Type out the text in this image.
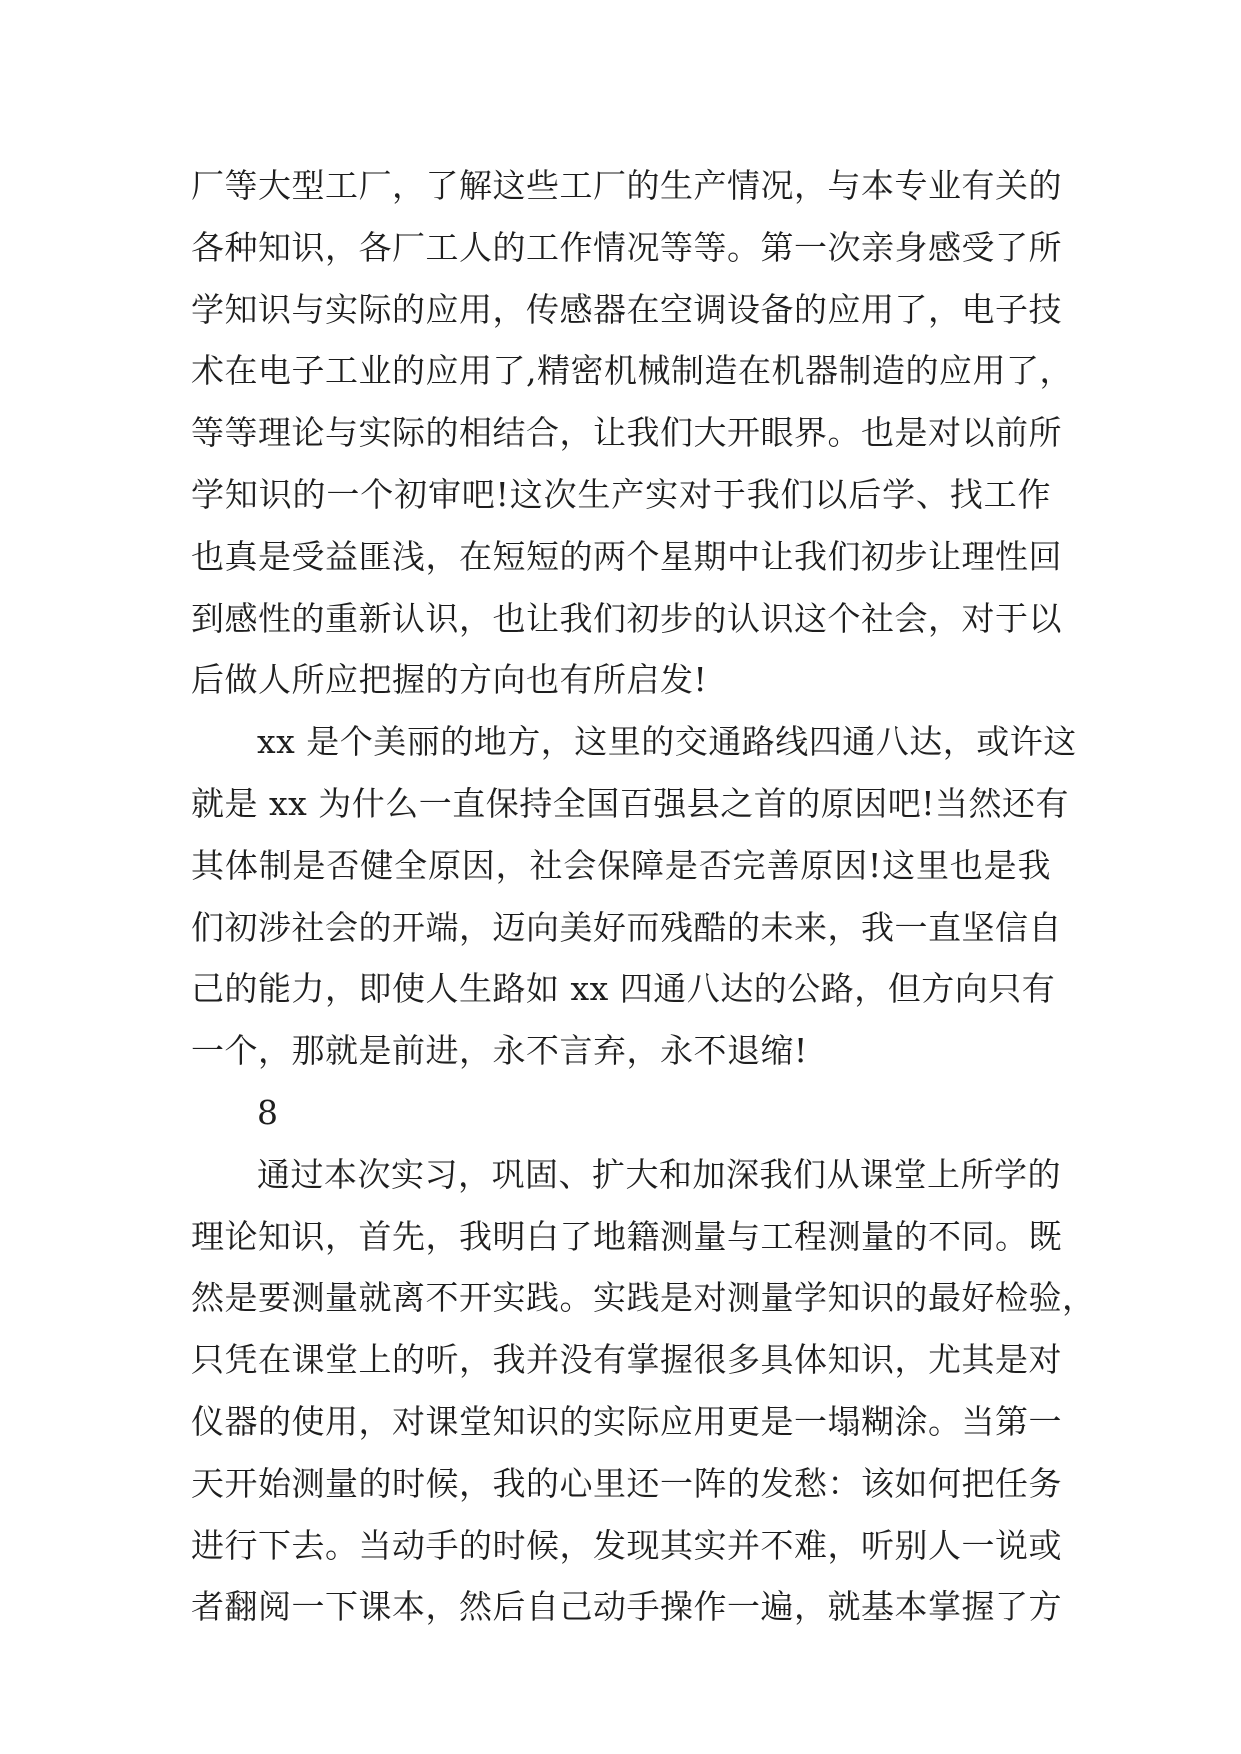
厂等大型工厂，了解这些工厂的生产情况，与本专业有关的
各种知识，各厂工人的工作情况等等。第一次亲身感受了所
学知识与实际的应用，传感器在空调设备的应用了，电子技
术在电子工业的应用了,精密机械制造在机器制造的应用了，
等等理论与实际的相结合，让我们大开眼界。也是对以前所
学知识的一个初审吧!这次生产实对于我们以后学、找工作
也真是受益匪浅，在短短的两个星期中让我们初步让理性回
到感性的重新认识，也让我们初步的认识这个社会，对于以
后做人所应把握的方向也有所启发!
xx 是个美丽的地方，这里的交通路线四通八达，或许这
就是 xx 为什么一直保持全国百强县之首的原因吧!当然还有
其体制是否健全原因，社会保障是否完善原因!这里也是我
们初涉社会的开端，迈向美好而残酷的未来，我一直坚信自
己的能力，即使人生路如 xx 四通八达的公路，但方向只有
一个，那就是前进，永不言弃，永不退缩!
8
通过本次实习，巩固、扩大和加深我们从课堂上所学的
理论知识，首先，我明白了地籍测量与工程测量的不同。既
然是要测量就离不开实践。实践是对测量学知识的最好检验，
只凭在课堂上的听，我并没有掌握很多具体知识，尤其是对
仪器的使用，对课堂知识的实际应用更是一塌糊涂。当第一
天开始测量的时候，我的心里还一阵的发愁：该如何把任务
进行下去。当动手的时候，发现其实并不难，听别人一说或
者翻阅一下课本，然后自己动手操作一遍，就基本掌握了方
